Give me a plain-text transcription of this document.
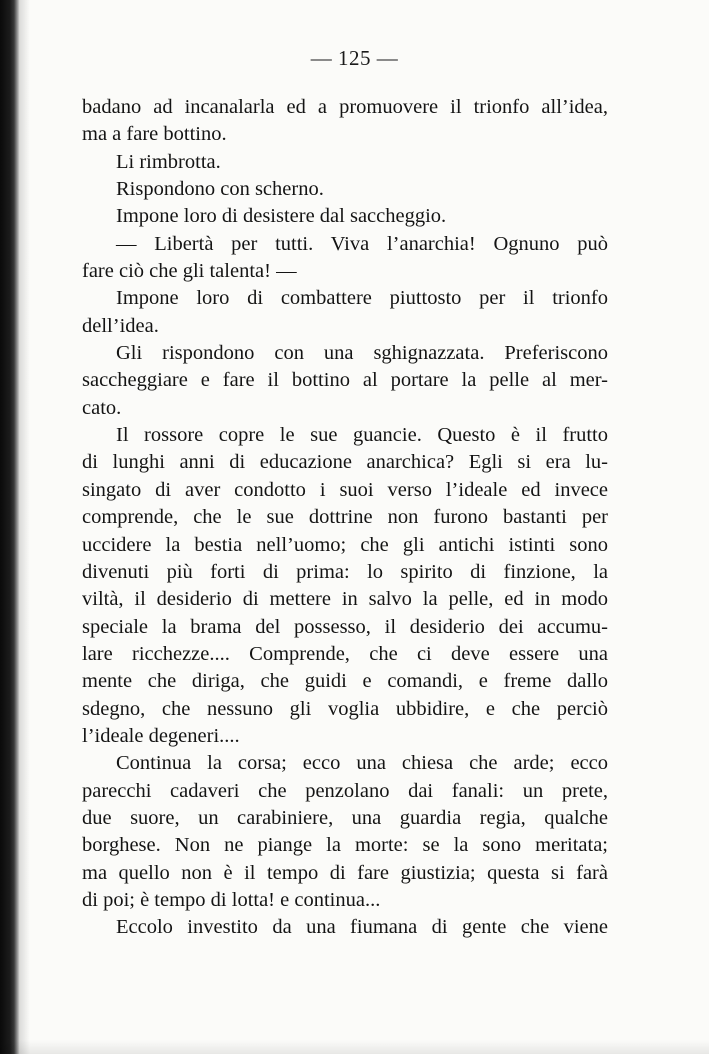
— 125 —
badano ad incanalarla ed a promuovere il trionfo all’idea,
ma a fare bottino.
Li rimbrotta.
Rispondono con scherno.
Impone loro di desistere dal saccheggio.
— Libertà per tutti. Viva l’anarchia! Ognuno può
fare ciò che gli talenta! —
Impone loro di combattere piuttosto per il trionfo
dell’idea.
Gli rispondono con una sghignazzata. Preferiscono
saccheggiare e fare il bottino al portare la pelle al mer-
cato.
Il rossore copre le sue guancie. Questo è il frutto
di lunghi anni di educazione anarchica? Egli si era lu-
singato di aver condotto i suoi verso l’ideale ed invece
comprende, che le sue dottrine non furono bastanti per
uccidere la bestia nell’uomo; che gli antichi istinti sono
divenuti più forti di prima: lo spirito di finzione, la
viltà, il desiderio di mettere in salvo la pelle, ed in modo
speciale la brama del possesso, il desiderio dei accumu-
lare ricchezze.... Comprende, che ci deve essere una
mente che diriga, che guidi e comandi, e freme dallo
sdegno, che nessuno gli voglia ubbidire, e che perciò
l’ideale degeneri....
Continua la corsa; ecco una chiesa che arde; ecco
parecchi cadaveri che penzolano dai fanali: un prete,
due suore, un carabiniere, una guardia regia, qualche
borghese. Non ne piange la morte: se la sono meritata;
ma quello non è il tempo di fare giustizia; questa si farà
di poi; è tempo di lotta! e continua...
Eccolo investito da una fiumana di gente che viene
